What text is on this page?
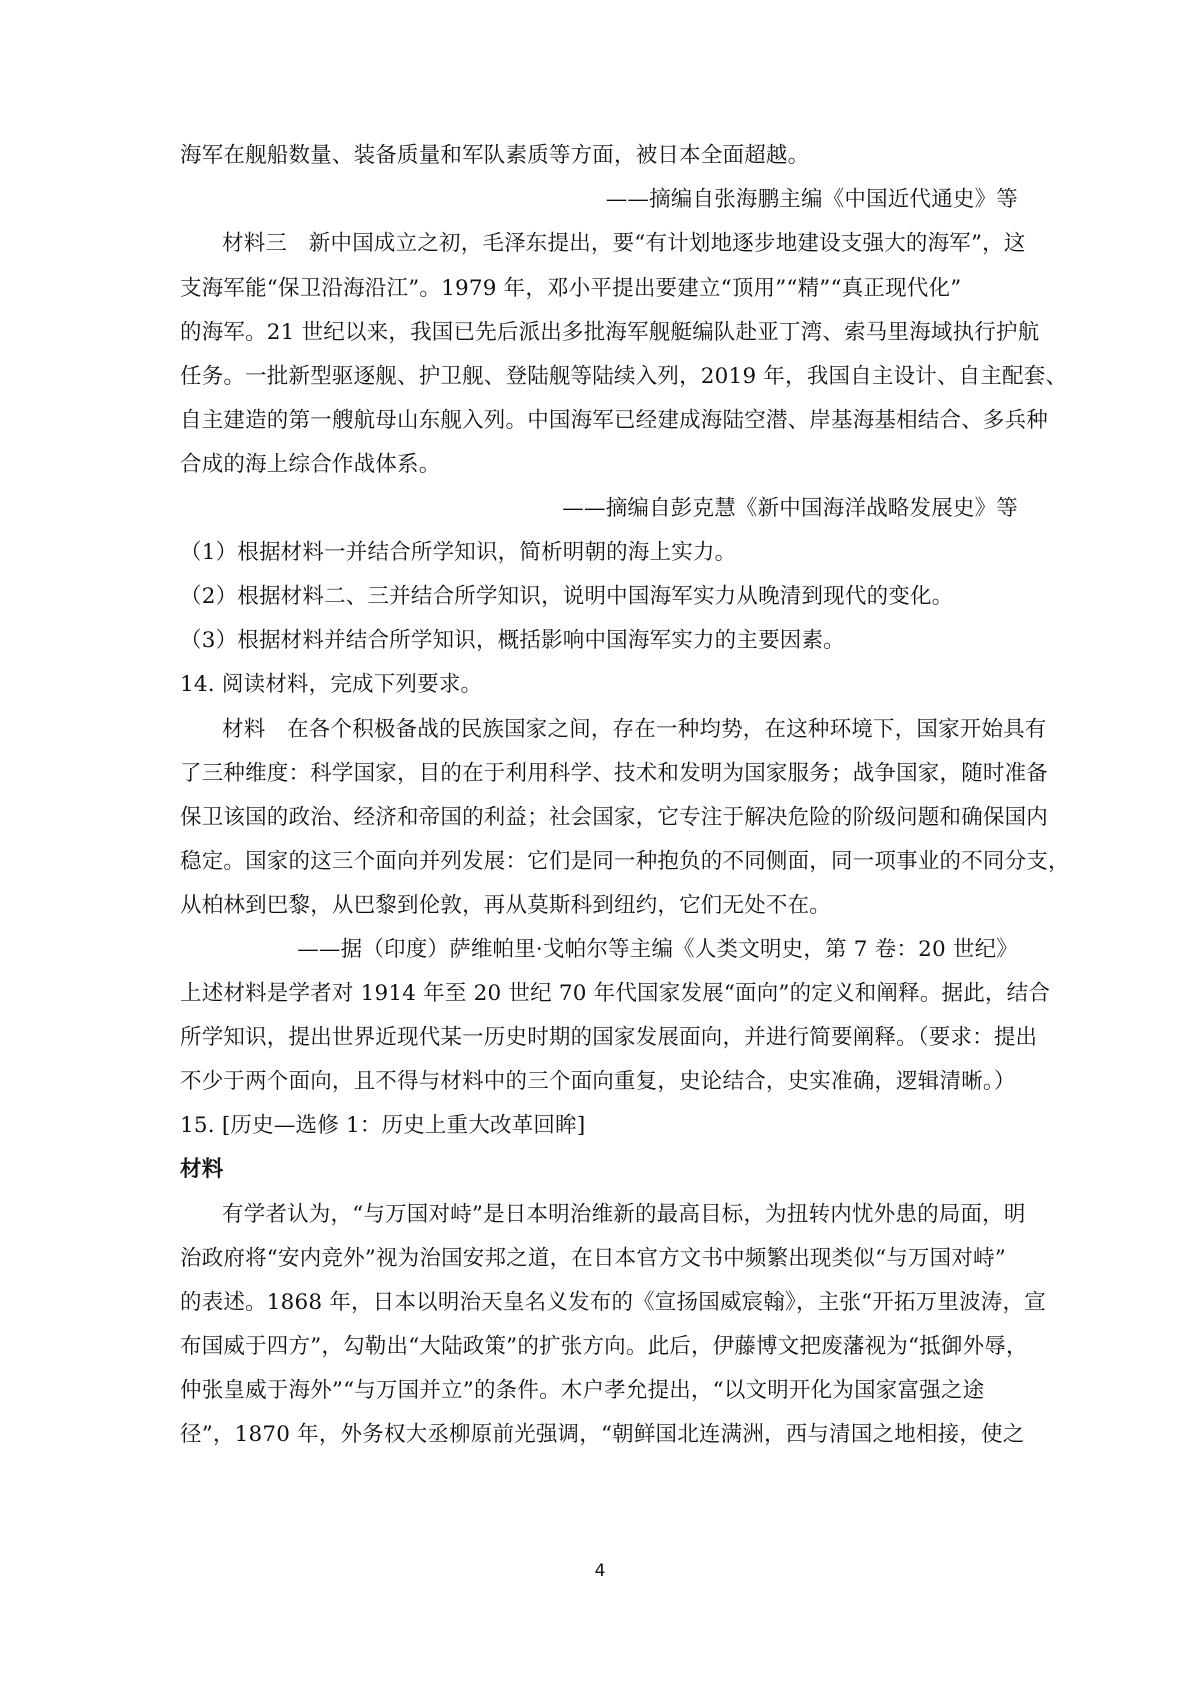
海军在舰船数量、装备质量和军队素质等方面，被日本全面超越。
——摘编自张海鹏主编《中国近代通史》等
材料三　新中国成立之初，毛泽东提出，要“有计划地逐步地建设支强大的海军”，这
支海军能“保卫沿海沿江”。1979 年，邓小平提出要建立“顶用”“精”“真正现代化”
的海军。21 世纪以来，我国已先后派出多批海军舰艇编队赴亚丁湾、索马里海域执行护航
任务。一批新型驱逐舰、护卫舰、登陆舰等陆续入列，2019 年，我国自主设计、自主配套、
自主建造的第一艘航母山东舰入列。中国海军已经建成海陆空潜、岸基海基相结合、多兵种
合成的海上综合作战体系。
——摘编自彭克慧《新中国海洋战略发展史》等
（1）根据材料一并结合所学知识，简析明朝的海上实力。
（2）根据材料二、三并结合所学知识，说明中国海军实力从晚清到现代的变化。
（3）根据材料并结合所学知识，概括影响中国海军实力的主要因素。
14. 阅读材料，完成下列要求。
材料　在各个积极备战的民族国家之间，存在一种均势，在这种环境下，国家开始具有
了三种维度：科学国家，目的在于利用科学、技术和发明为国家服务；战争国家，随时准备
保卫该国的政治、经济和帝国的利益；社会国家，它专注于解决危险的阶级问题和确保国内
稳定。国家的这三个面向并列发展：它们是同一种抱负的不同侧面，同一项事业的不同分支，
从柏林到巴黎，从巴黎到伦敦，再从莫斯科到纽约，它们无处不在。
——据（印度）萨维帕里·戈帕尔等主编《人类文明史，第 7 卷：20 世纪》
上述材料是学者对 1914 年至 20 世纪 70 年代国家发展“面向”的定义和阐释。据此，结合
所学知识，提出世界近现代某一历史时期的国家发展面向，并进行简要阐释。（要求：提出
不少于两个面向，且不得与材料中的三个面向重复，史论结合，史实准确，逻辑清晰。）
15. [历史—选修 1：历史上重大改革回眸]
材料
有学者认为，“与万国对峙”是日本明治维新的最高目标，为扭转内忧外患的局面，明
治政府将“安内竞外”视为治国安邦之道，在日本官方文书中频繁出现类似“与万国对峙”
的表述。1868 年，日本以明治天皇名义发布的《宣扬国威宸翰》，主张“开拓万里波涛，宣
布国威于四方”，勾勒出“大陆政策”的扩张方向。此后，伊藤博文把废藩视为“抵御外辱，
仲张皇威于海外”“与万国并立”的条件。木户孝允提出，“以文明开化为国家富强之途
径”，1870 年，外务权大丞柳原前光强调，“朝鲜国北连满洲，西与清国之地相接，使之
4
